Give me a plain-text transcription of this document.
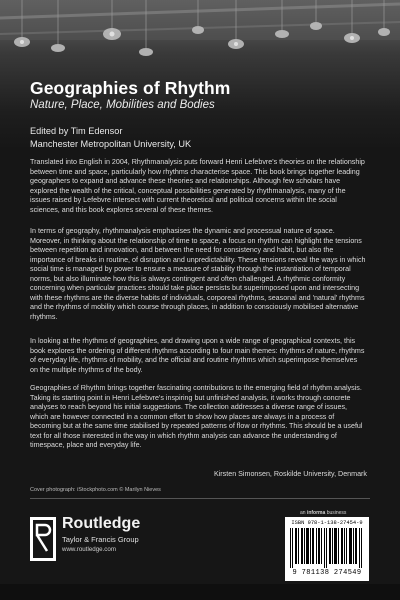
Geographies of Rhythm
Nature, Place, Mobilities and Bodies
Edited by Tim Edensor
Manchester Metropolitan University, UK

Translated into English in 2004, Rhythmanalysis puts forward Henri Lefebvre's theories on the relationship between time and space, particularly how rhythms characterise space. This book brings together leading geographers to expand and advance these theories and relationships. Although few scholars have explored the wealth of the critical, conceptual possibilities generated by rhythmanalysis, many of the issues raised by Lefebvre intersect with current theoretical and political concerns within the social sciences, and this book explores several of these themes.

In terms of geography, rhythmanalysis emphasises the dynamic and processual nature of space. Moreover, in thinking about the relationship of time to space, a focus on rhythm can highlight the tensions between repetition and innovation, and between the need for consistency and habit, but also the importance of breaks in routine, of disruption and unpredictability. These tensions reveal the ways in which social time is managed by power to ensure a measure of stability through the instantiation of temporal norms, but also illuminate how this is always contingent and often challenged. A rhythmic conformity concerning when particular practices should take place persists but superimposed upon and intersecting with these rhythms are the diverse habits of individuals, corporeal rhythms, seasonal and 'natural' rhythms and the rhythms of mobility which course through places, in addition to consciously mobilised alternative rhythms.

In looking at the rhythms of geographies, and drawing upon a wide range of geographical contexts, this book explores the ordering of different rhythms according to four main themes: rhythms of nature, rhythms of everyday life, rhythms of mobility, and the official and routine rhythms which superimpose themselves on the multiple rhythms of the body.

Geographies of Rhythm brings together fascinating contributions to the emerging field of rhythm analysis. Taking its starting point in Henri Lefebvre's inspiring but unfinished analysis, it works through concrete analyses to reach beyond his initial suggestions. The collection addresses a diverse range of issues, which are however connected in a common effort to show how places are always in a process of becoming but at the same time stabilised by repeated patterns of flow or rhythms. This should be a useful text for all those interested in the way in which rhythm analysis can advance the understanding of timespace, place and everyday life.

Kirsten Simonsen, Roskilde University, Denmark
Cover photograph: iStockphoto.com © Marilyn Nieves
Routledge
Taylor & Francis Group
www.routledge.com
an informa business
ISBN 978-1-138-27454-9
9 781138 274549
